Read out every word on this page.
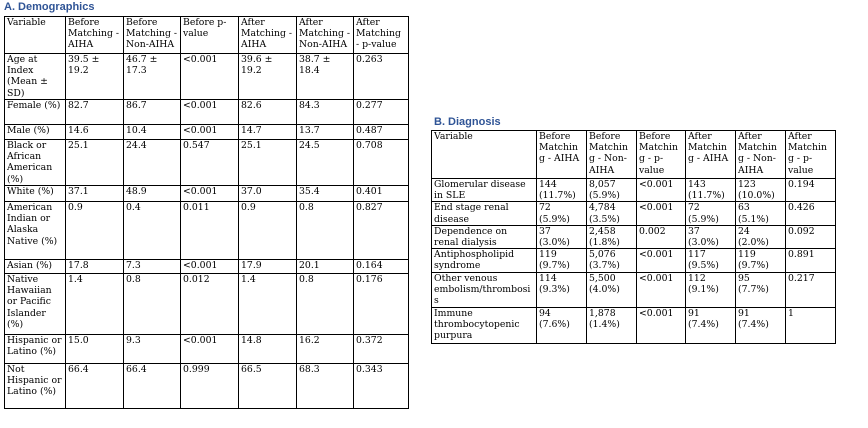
A. Demographics
Variable	Before Matching - AIHA	Before Matching - Non-AIHA	Before p-value	After Matching - AIHA	After Matching - Non-AIHA	After Matching - p-value
Age at Index (Mean ± SD)	39.5 ± 19.2	46.7 ± 17.3	<0.001	39.6 ± 19.2	38.7 ± 18.4	0.263
Female (%)	82.7	86.7	<0.001	82.6	84.3	0.277
Male (%)	14.6	10.4	<0.001	14.7	13.7	0.487
Black or African American (%)	25.1	24.4	0.547	25.1	24.5	0.708
White (%)	37.1	48.9	<0.001	37.0	35.4	0.401
American Indian or Alaska Native (%)	0.9	0.4	0.011	0.9	0.8	0.827
Asian (%)	17.8	7.3	<0.001	17.9	20.1	0.164
Native Hawaiian or Pacific Islander (%)	1.4	0.8	0.012	1.4	0.8	0.176
Hispanic or Latino (%)	15.0	9.3	<0.001	14.8	16.2	0.372
Not Hispanic or Latino (%)	66.4	66.4	0.999	66.5	68.3	0.343
B. Diagnosis
Variable	Before Matchin g - AIHA	Before Matchin g - Non-AIHA	Before Matchin g - p-value	After Matchin g - AIHA	After Matchin g - Non-AIHA	After Matchin g - p-value
Glomerular disease in SLE	144 (11.7%)	8,057 (5.9%)	<0.001	143 (11.7%)	123 (10.0%)	0.194
End stage renal disease	72 (5.9%)	4,784 (3.5%)	<0.001	72 (5.9%)	63 (5.1%)	0.426
Dependence on renal dialysis	37 (3.0%)	2,458 (1.8%)	0.002	37 (3.0%)	24 (2.0%)	0.092
Antiphospholipid syndrome	119 (9.7%)	5,076 (3.7%)	<0.001	117 (9.5%)	119 (9.7%)	0.891
Other venous embolism/thrombosi s	114 (9.3%)	5,500 (4.0%)	<0.001	112 (9.1%)	95 (7.7%)	0.217
Immune thrombocytopenic purpura	94 (7.6%)	1,878 (1.4%)	<0.001	91 (7.4%)	91 (7.4%)	1
